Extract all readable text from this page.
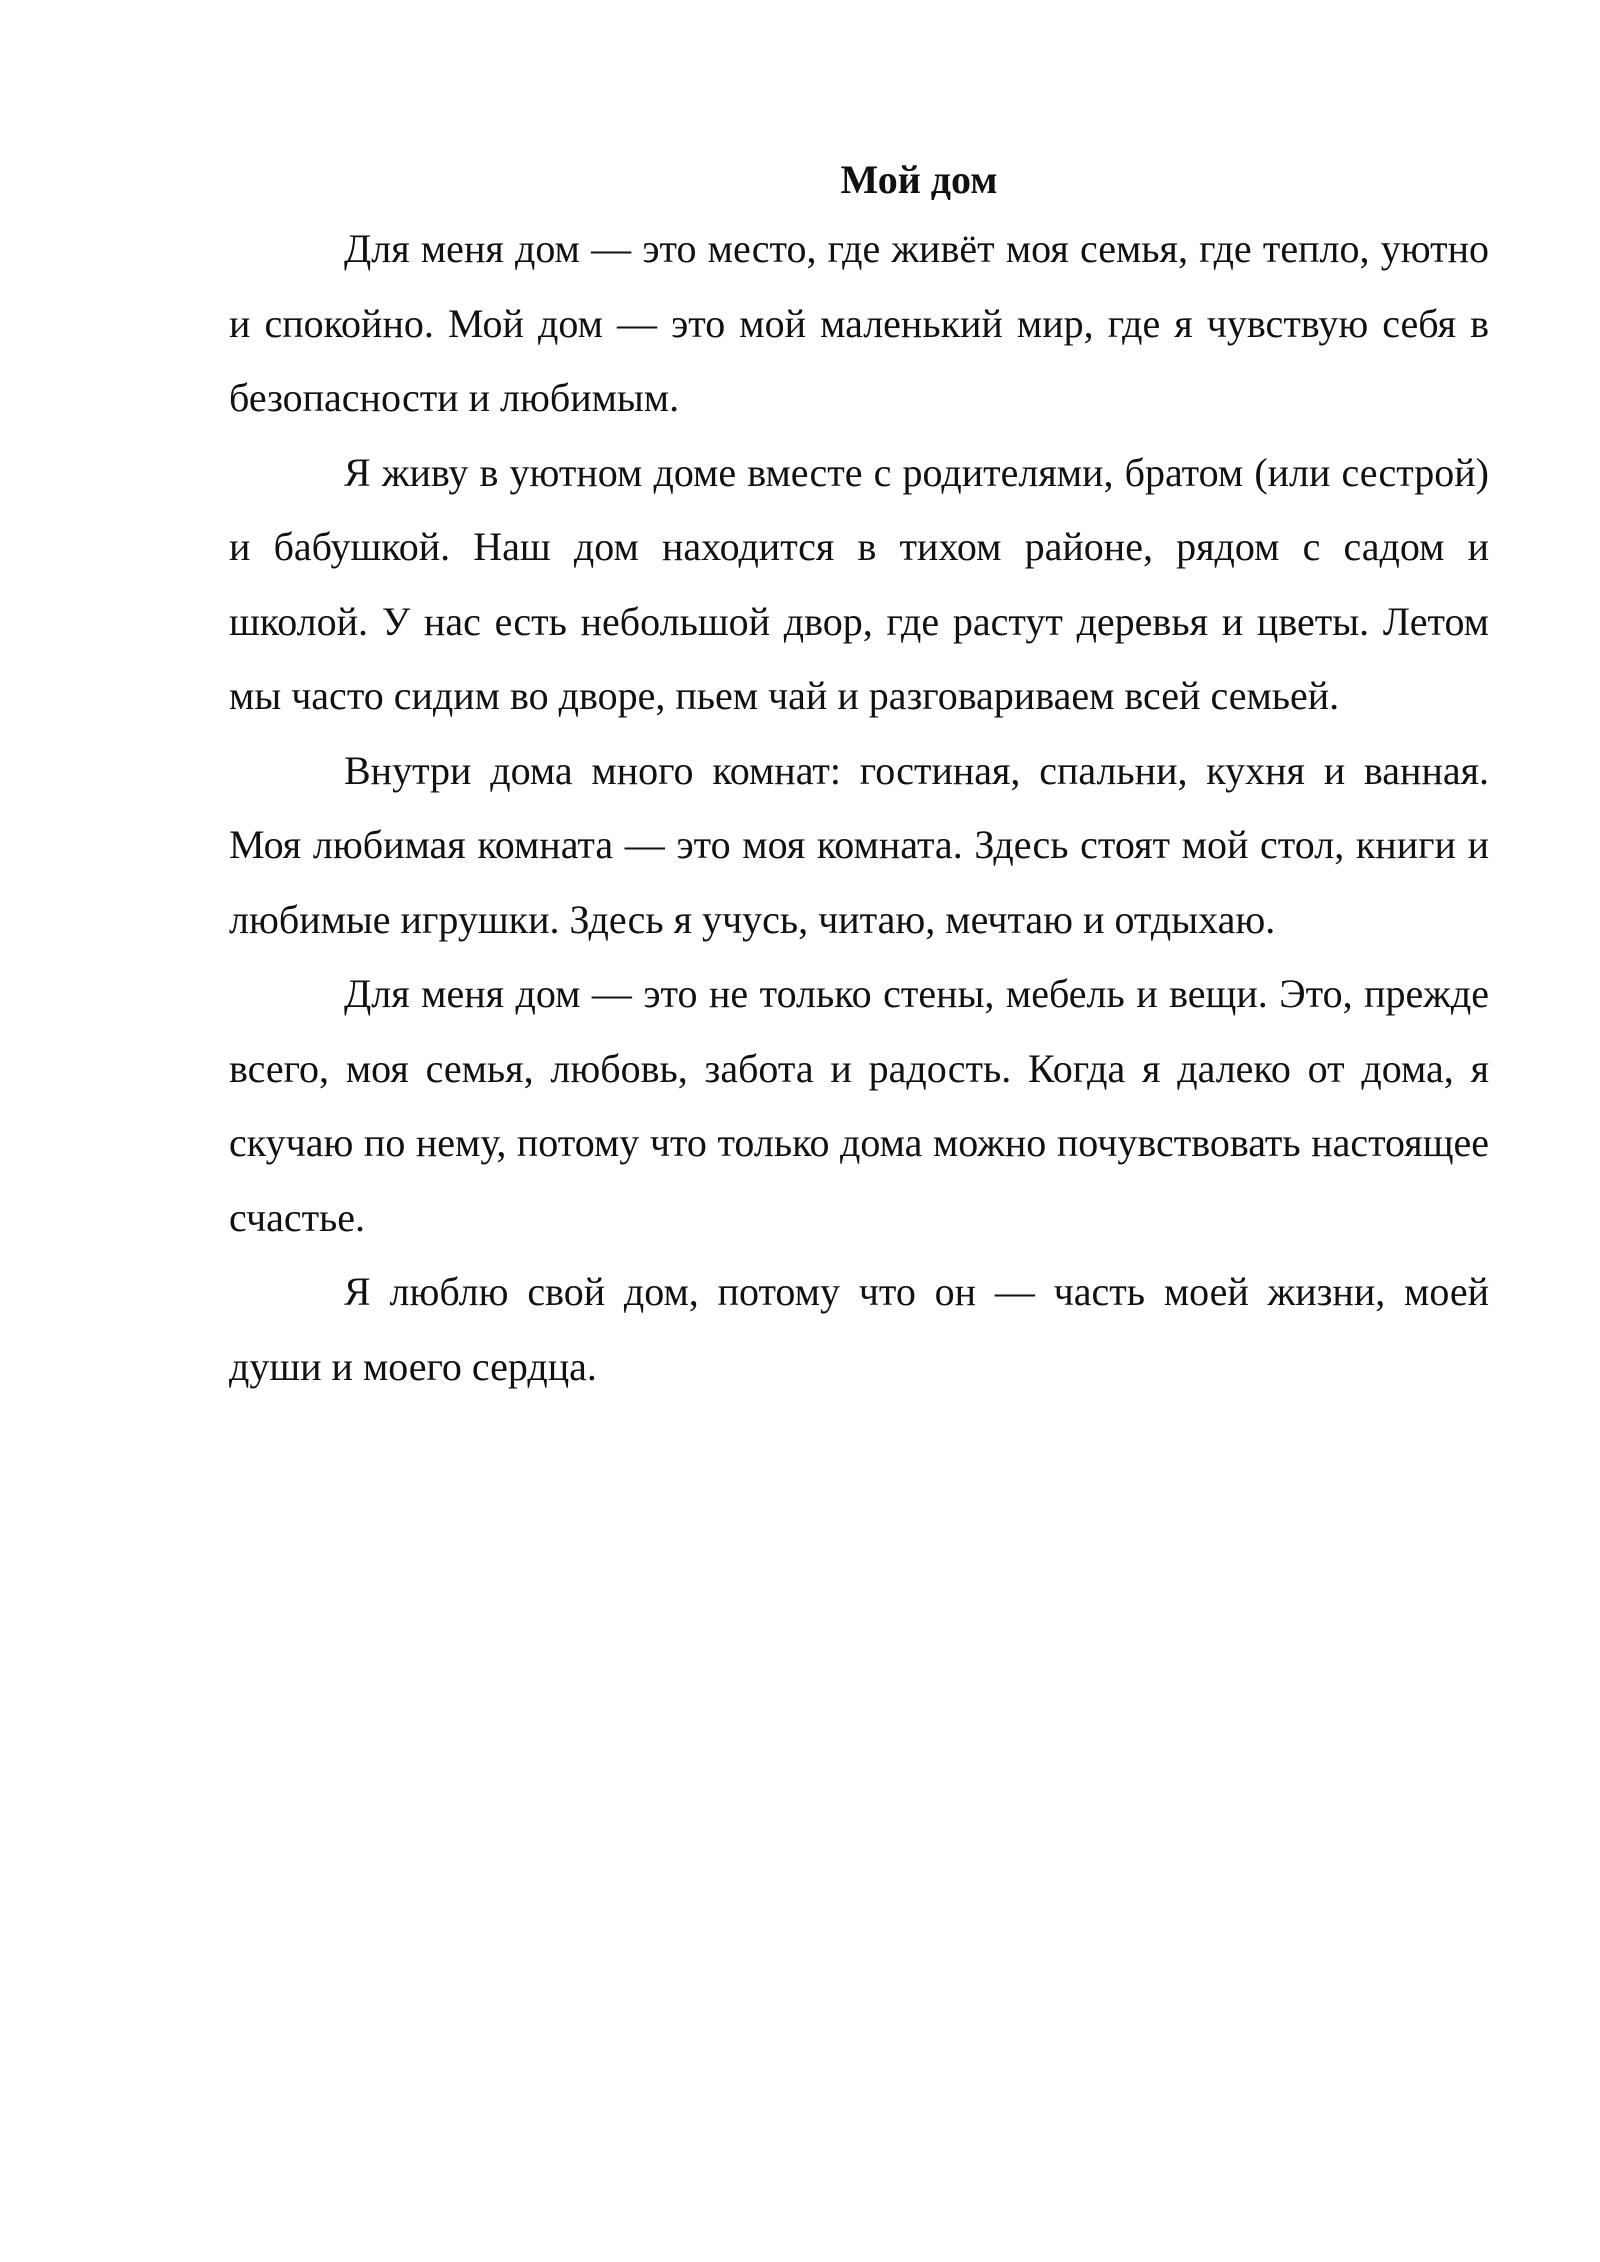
Мой дом

Для меня дом — это место, где живёт моя семья, где тепло, уютно и спокойно. Мой дом — это мой маленький мир, где я чувствую себя в безопасности и любимым.

Я живу в уютном доме вместе с родителями, братом (или сестрой) и бабушкой. Наш дом находится в тихом районе, рядом с садом и школой. У нас есть небольшой двор, где растут деревья и цветы. Летом мы часто сидим во дворе, пьем чай и разговариваем всей семьей.

Внутри дома много комнат: гостиная, спальни, кухня и ванная. Моя любимая комната — это моя комната. Здесь стоят мой стол, книги и любимые игрушки. Здесь я учусь, читаю, мечтаю и отдыхаю.

Для меня дом — это не только стены, мебель и вещи. Это, прежде всего, моя семья, любовь, забота и радость. Когда я далеко от дома, я скучаю по нему, потому что только дома можно почувствовать настоящее счастье.

Я люблю свой дом, потому что он — часть моей жизни, моей души и моего сердца.
